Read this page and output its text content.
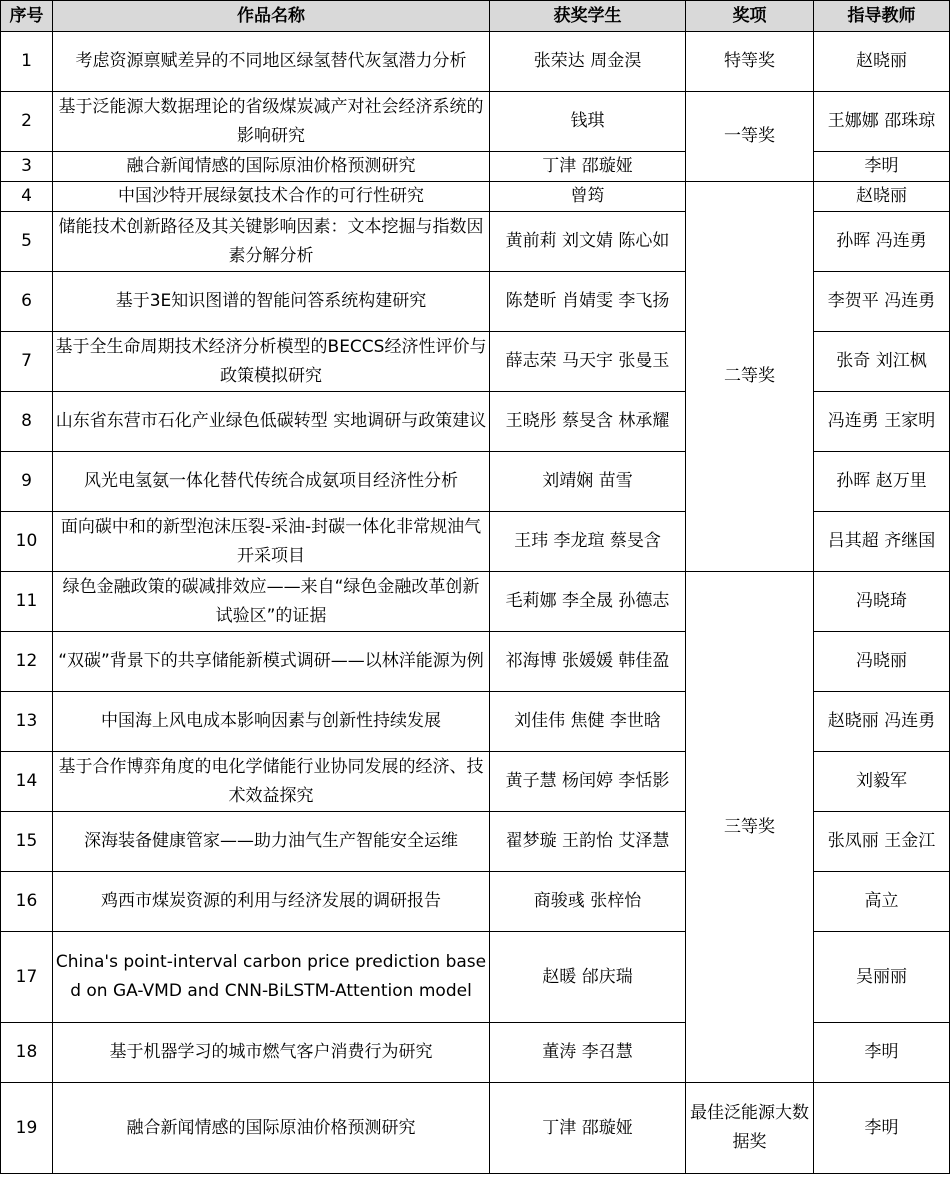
序号	作品名称	获奖学生	奖项	指导教师
1	考虑资源禀赋差异的不同地区绿氢替代灰氢潜力分析	张荣达 周金淏	特等奖	赵晓丽
2	基于泛能源大数据理论的省级煤炭减产对社会经济系统的影响研究	钱琪	一等奖	王娜娜 邵珠琼
3	融合新闻情感的国际原油价格预测研究	丁津 邵璇娅		李明
4	中国沙特开展绿氨技术合作的可行性研究	曾筠	二等奖	赵晓丽
5	储能技术创新路径及其关键影响因素：文本挖掘与指数因素分解分析	黄前莉 刘文婧 陈心如		孙晖 冯连勇
6	基于3E知识图谱的智能问答系统构建研究	陈楚昕 肖婧雯 李飞扬		李贺平 冯连勇
7	基于全生命周期技术经济分析模型的BECCS经济性评价与政策模拟研究	薛志荣 马天宇 张曼玉		张奇 刘江枫
8	山东省东营市石化产业绿色低碳转型 实地调研与政策建议	王晓彤 蔡旻含 林承耀		冯连勇 王家明
9	风光电氢氨一体化替代传统合成氨项目经济性分析	刘靖娴 苗雪		孙晖 赵万里
10	面向碳中和的新型泡沫压裂-采油-封碳一体化非常规油气开采项目	王玮 李龙瑄 蔡旻含		吕其超 齐继国
11	绿色金融政策的碳减排效应——来自“绿色金融改革创新试验区”的证据	毛莉娜 李全晟 孙德志	三等奖	冯晓琦
12	“双碳”背景下的共享储能新模式调研——以林洋能源为例	祁海博 张媛媛 韩佳盈		冯晓丽
13	中国海上风电成本影响因素与创新性持续发展	刘佳伟 焦健 李世晗		赵晓丽 冯连勇
14	基于合作博弈角度的电化学储能行业协同发展的经济、技术效益探究	黄子慧 杨闰婷 李恬影		刘毅军
15	深海装备健康管家——助力油气生产智能安全运维	翟梦璇 王韵怡 艾泽慧		张凤丽 王金江
16	鸡西市煤炭资源的利用与经济发展的调研报告	商骏彧 张梓怡		高立
17	China's point-interval carbon price prediction based on GA-VMD and CNN-BiLSTM-Attention model	赵暖 邰庆瑞		吴丽丽
18	基于机器学习的城市燃气客户消费行为研究	董涛 李召慧		李明
19	融合新闻情感的国际原油价格预测研究	丁津 邵璇娅	最佳泛能源大数据奖	李明
